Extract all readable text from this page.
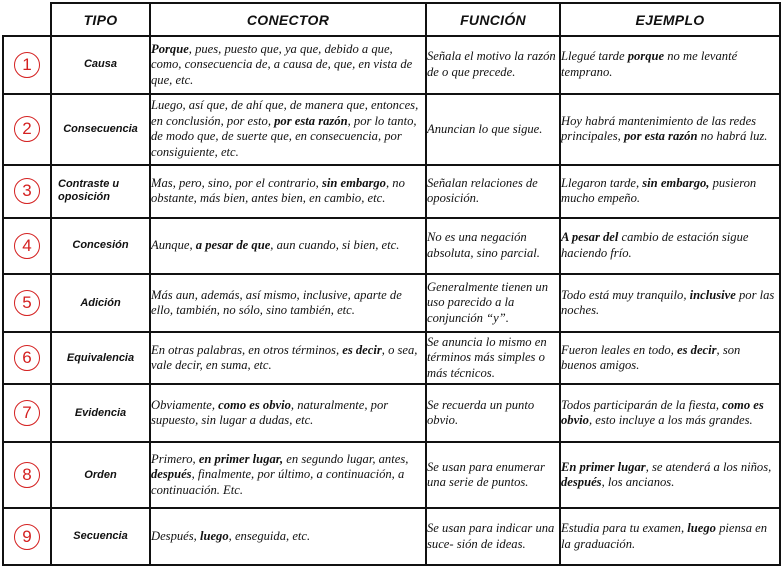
	TIPO	CONECTOR	FUNCIÓN	EJEMPLO
1	Causa	Porque, pues, puesto que, ya que, debido a que, como, consecuencia de, a causa de, que, en vista de que, etc.	Señala el motivo la razón de o que precede.	Llegué tarde porque no me levanté temprano.
2	Consecuencia	Luego, así que, de ahí que, de manera que, entonces, en conclusión, por esto, por esta razón, por lo tanto, de modo que, de suerte que, en consecuencia, por consiguiente, etc.	Anuncian lo que sigue.	Hoy habrá mantenimiento de las redes principales, por esta razón no habrá luz.
3	Contraste u oposición	Mas, pero, sino, por el contrario, sin embargo, no obstante, más bien, antes bien, en cambio, etc.	Señalan relaciones de oposición.	Llegaron tarde, sin embargo, pusieron mucho empeño.
4	Concesión	Aunque, a pesar de que, aun cuando, si bien, etc.	No es una negación absoluta, sino parcial.	A pesar del cambio de estación sigue haciendo frío.
5	Adición	Más aun, además, así mismo, inclusive, aparte de ello, también, no sólo, sino también, etc.	Generalmente tienen un uso parecido a la conjunción “y”.	Todo está muy tranquilo, inclusive por las noches.
6	Equivalencia	En otras palabras, en otros términos, es decir, o sea, vale decir, en suma, etc.	Se anuncia lo mismo en términos más simples o más técnicos.	Fueron leales en todo, es decir, son buenos amigos.
7	Evidencia	Obviamente, como es obvio, naturalmente, por supuesto, sin lugar a dudas, etc.	Se recuerda un punto obvio.	Todos participarán de la fiesta, como es obvio, esto incluye a los más grandes.
8	Orden	Primero, en primer lugar, en segundo lugar, antes, después, finalmente, por último, a continuación, a continuación. Etc.	Se usan para enumerar una serie de puntos.	En primer lugar, se atenderá a los niños, después, los ancianos.
9	Secuencia	Después, luego, enseguida, etc.	Se usan para indicar una suce- sión de ideas.	Estudia para tu examen, luego piensa en la graduación.
